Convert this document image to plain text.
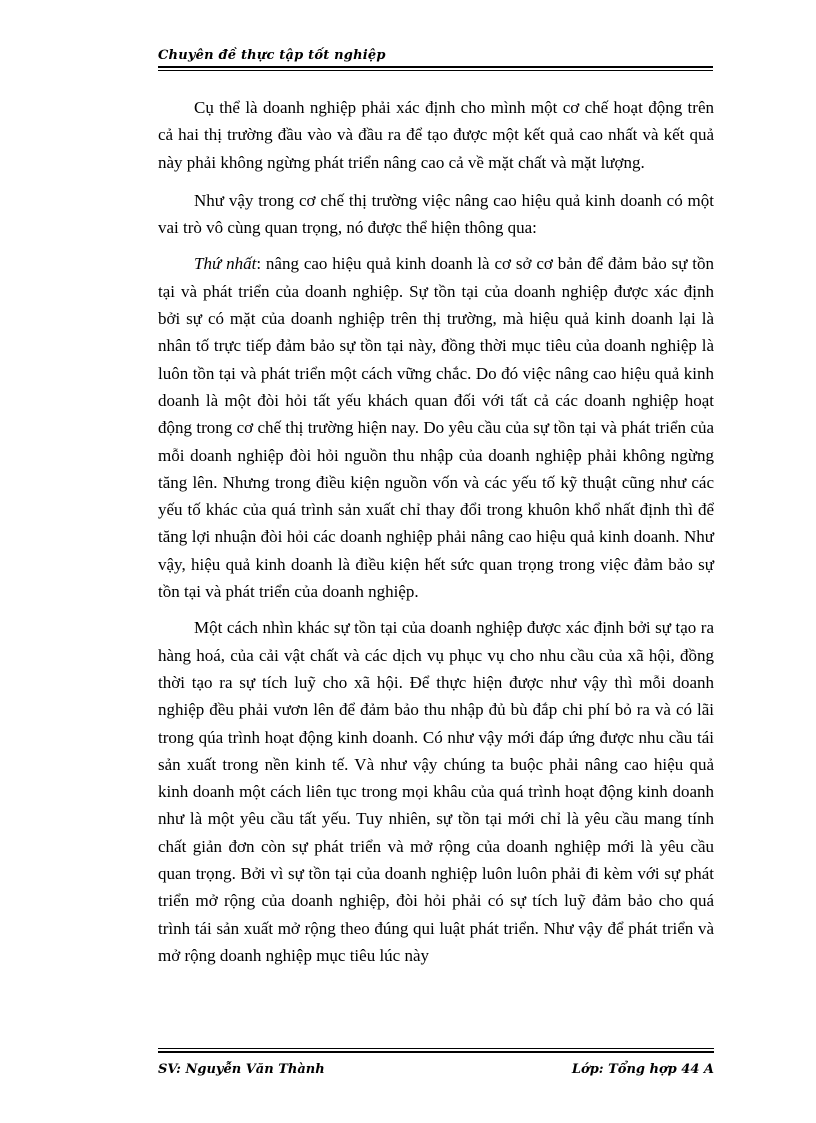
Chuyên đề thực tập tốt nghiệp

Cụ thể là doanh nghiệp phải xác định cho mình một cơ chế hoạt động trên cả hai thị trường đầu vào và đầu ra để tạo được một kết quả cao nhất và kết quả này phải không ngừng phát triển nâng cao cả về mặt chất và mặt lượng.

Như vậy trong cơ chế thị trường việc nâng cao hiệu quả kinh doanh có một vai trò vô cùng quan trọng, nó được thể hiện thông qua:

Thứ nhất: nâng cao hiệu quả kinh doanh là cơ sở cơ bản để đảm bảo sự tồn tại và phát triển của doanh nghiệp. Sự tồn tại của doanh nghiệp được xác định bởi sự có mặt của doanh nghiệp trên thị trường, mà hiệu quả kinh doanh lại là nhân tố trực tiếp đảm bảo sự tồn tại này, đồng thời mục tiêu của doanh nghiệp là luôn tồn tại và phát triển một cách vững chắc. Do đó việc nâng cao hiệu quả kinh doanh là một đòi hỏi tất yếu khách quan đối với tất cả các doanh nghiệp hoạt động trong cơ chế thị trường hiện nay. Do yêu cầu của sự tồn tại và phát triển của mỗi doanh nghiệp đòi hỏi nguồn thu nhập của doanh nghiệp phải không ngừng tăng lên. Nhưng trong điều kiện nguồn vốn và các yếu tố kỹ thuật cũng như các yếu tố khác của quá trình sản xuất chỉ thay đổi trong khuôn khổ nhất định thì để tăng lợi nhuận đòi hỏi các doanh nghiệp phải nâng cao hiệu quả kinh doanh. Như vậy, hiệu quả kinh doanh là điều kiện hết sức quan trọng trong việc đảm bảo sự tồn tại và phát triển của doanh nghiệp.

Một cách nhìn khác sự tồn tại của doanh nghiệp được xác định bởi sự tạo ra hàng hoá, của cải vật chất và các dịch vụ phục vụ cho nhu cầu của xã hội, đồng thời tạo ra sự tích luỹ cho xã hội. Để thực hiện được như vậy thì mỗi doanh nghiệp đều phải vươn lên để đảm bảo thu nhập đủ bù đắp chi phí bỏ ra và có lãi trong qúa trình hoạt động kinh doanh. Có như vậy mới đáp ứng được nhu cầu tái sản xuất trong nền kinh tế. Và như vậy chúng ta buộc phải nâng cao hiệu quả kinh doanh một cách liên tục trong mọi khâu của quá trình hoạt động kinh doanh như là một yêu cầu tất yếu. Tuy nhiên, sự tồn tại mới chỉ là yêu cầu mang tính chất giản đơn còn sự phát triển và mở rộng của doanh nghiệp mới là yêu cầu quan trọng. Bởi vì sự tồn tại của doanh nghiệp luôn luôn phải đi kèm với sự phát triển mở rộng của doanh nghiệp, đòi hỏi phải có sự tích luỹ đảm bảo cho quá trình tái sản xuất mở rộng theo đúng qui luật phát triển. Như vậy để phát triển và mở rộng doanh nghiệp mục tiêu lúc này

SV: Nguyễn Văn Thành	Lớp: Tổng hợp 44 A
